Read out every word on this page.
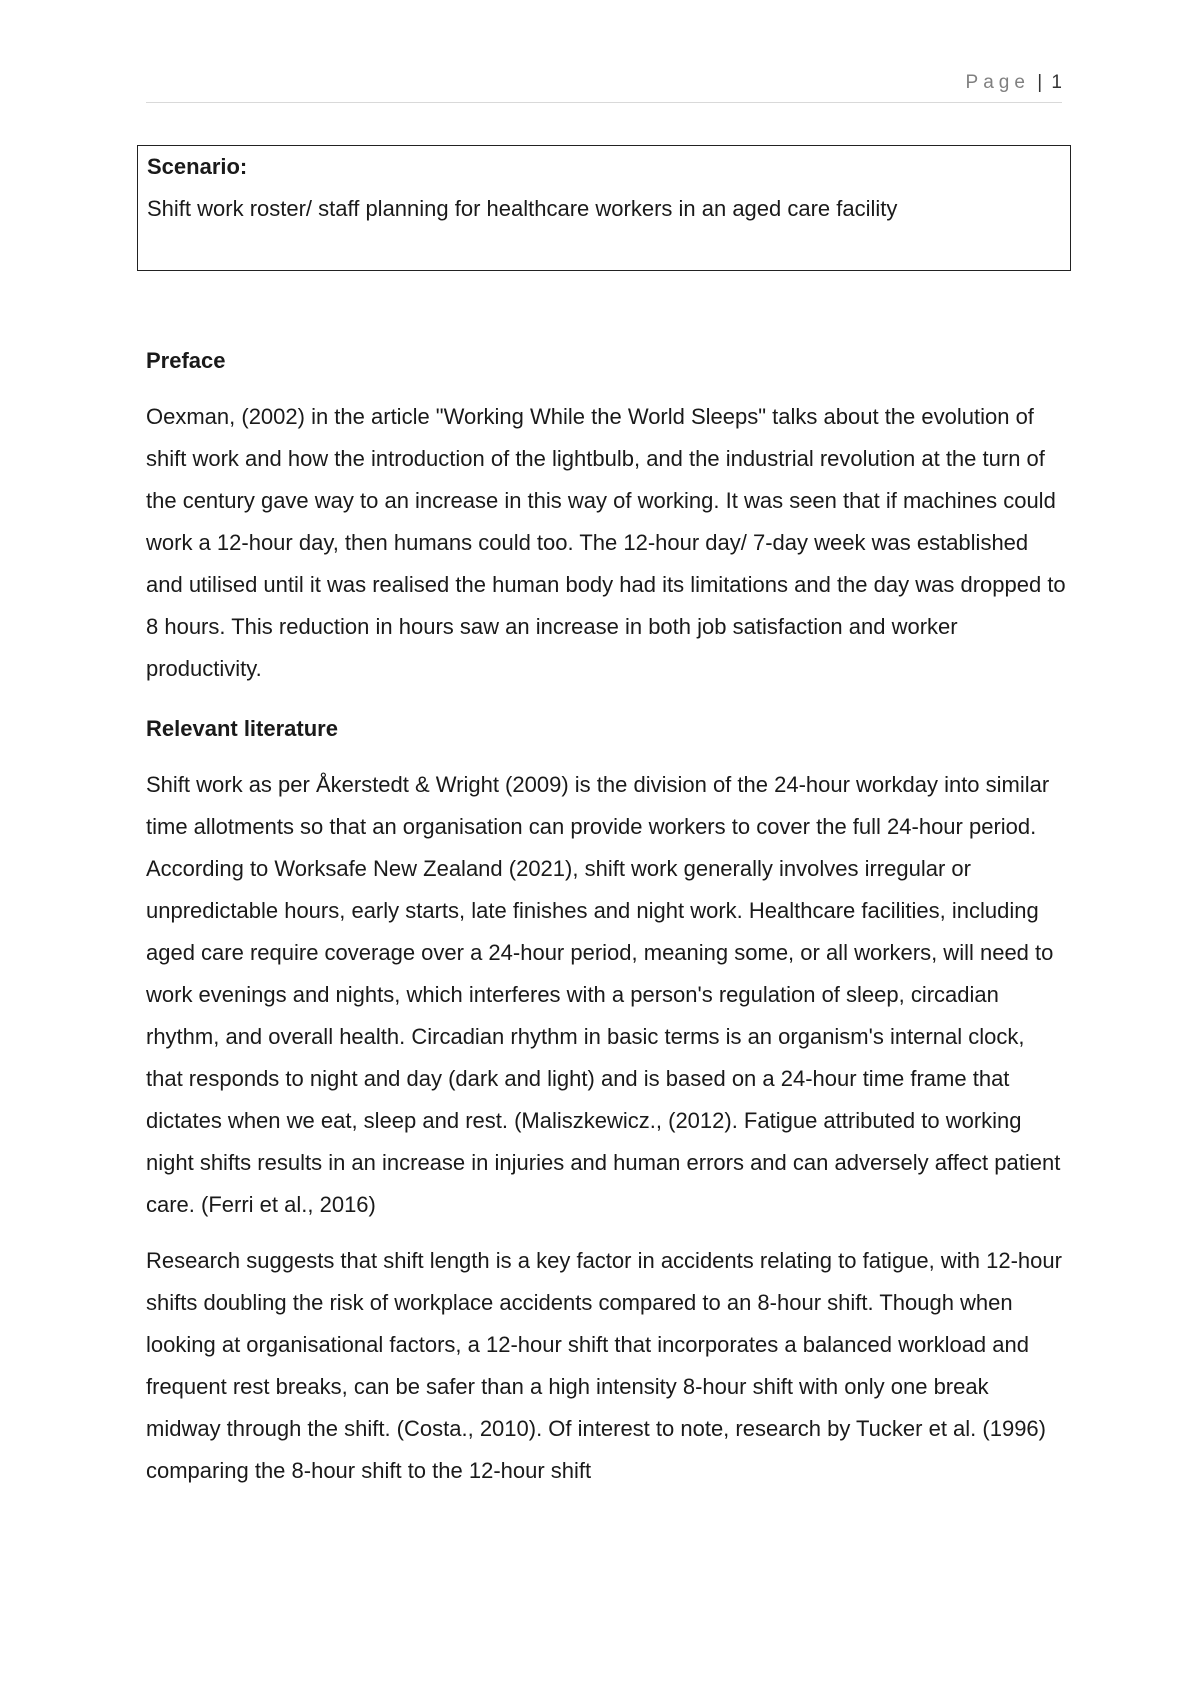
Page | 1
Scenario:
Shift work roster/ staff planning for healthcare workers in an aged care facility
Preface

Oexman, (2002) in the article "Working While the World Sleeps" talks about the evolution of shift work and how the introduction of the lightbulb, and the industrial revolution at the turn of the century gave way to an increase in this way of working. It was seen that if machines could work a 12-hour day, then humans could too. The 12-hour day/ 7-day week was established and utilised until it was realised the human body had its limitations and the day was dropped to 8 hours. This reduction in hours saw an increase in both job satisfaction and worker productivity.

Relevant literature

Shift work as per Åkerstedt & Wright (2009) is the division of the 24-hour workday into similar time allotments so that an organisation can provide workers to cover the full 24-hour period. According to Worksafe New Zealand (2021), shift work generally involves irregular or unpredictable hours, early starts, late finishes and night work. Healthcare facilities, including aged care require coverage over a 24-hour period, meaning some, or all workers, will need to work evenings and nights, which interferes with a person's regulation of sleep, circadian rhythm, and overall health. Circadian rhythm in basic terms is an organism's internal clock, that responds to night and day (dark and light) and is based on a 24-hour time frame that dictates when we eat, sleep and rest. (Maliszkewicz., (2012). Fatigue attributed to working night shifts results in an increase in injuries and human errors and can adversely affect patient care. (Ferri et al., 2016)

Research suggests that shift length is a key factor in accidents relating to fatigue, with 12-hour shifts doubling the risk of workplace accidents compared to an 8-hour shift. Though when looking at organisational factors, a 12-hour shift that incorporates a balanced workload and frequent rest breaks, can be safer than a high intensity 8-hour shift with only one break midway through the shift. (Costa., 2010). Of interest to note, research by Tucker et al. (1996) comparing the 8-hour shift to the 12-hour shift
